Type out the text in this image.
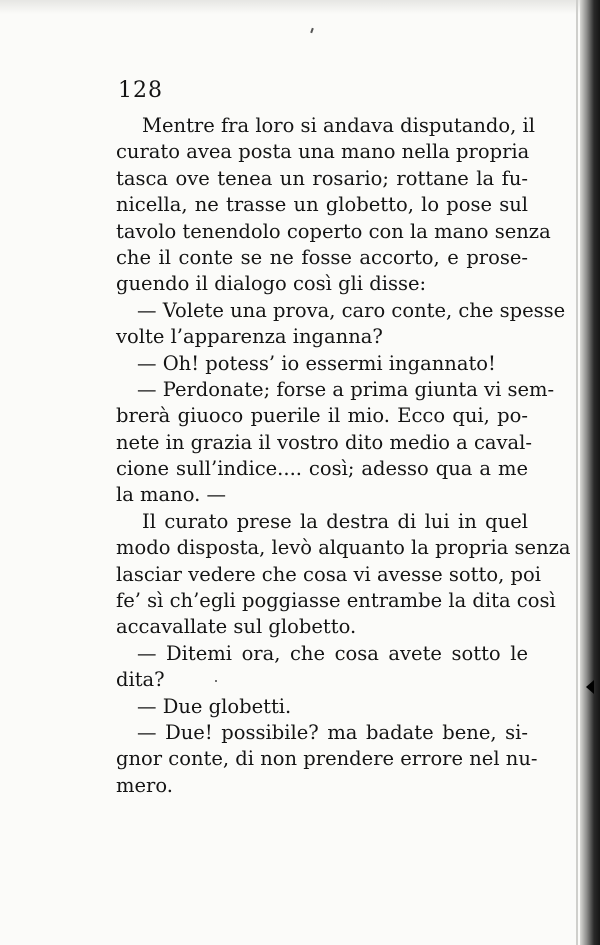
128
Mentre fra loro si andava disputando, il
curato avea posta una mano nella propria
tasca ove tenea un rosario; rottane la fu-
nicella, ne trasse un globetto, lo pose sul
tavolo tenendolo coperto con la mano senza
che il conte se ne fosse accorto, e prose-
guendo il dialogo così gli disse:
— Volete una prova, caro conte, che spesse
volte l’apparenza inganna?
— Oh! potess’ io essermi ingannato!
— Perdonate; forse a prima giunta vi sem-
brerà giuoco puerile il mio. Ecco qui, po-
nete in grazia il vostro dito medio a caval-
cione sull’indice.... così; adesso qua a me
la mano. —
Il curato prese la destra di lui in quel
modo disposta, levò alquanto la propria senza
lasciar vedere che cosa vi avesse sotto, poi
fe’ sì ch’egli poggiasse entrambe la dita così
accavallate sul globetto.
— Ditemi ora, che cosa avete sotto le
dita?
— Due globetti.
— Due! possibile? ma badate bene, si-
gnor conte, di non prendere errore nel nu-
mero.
